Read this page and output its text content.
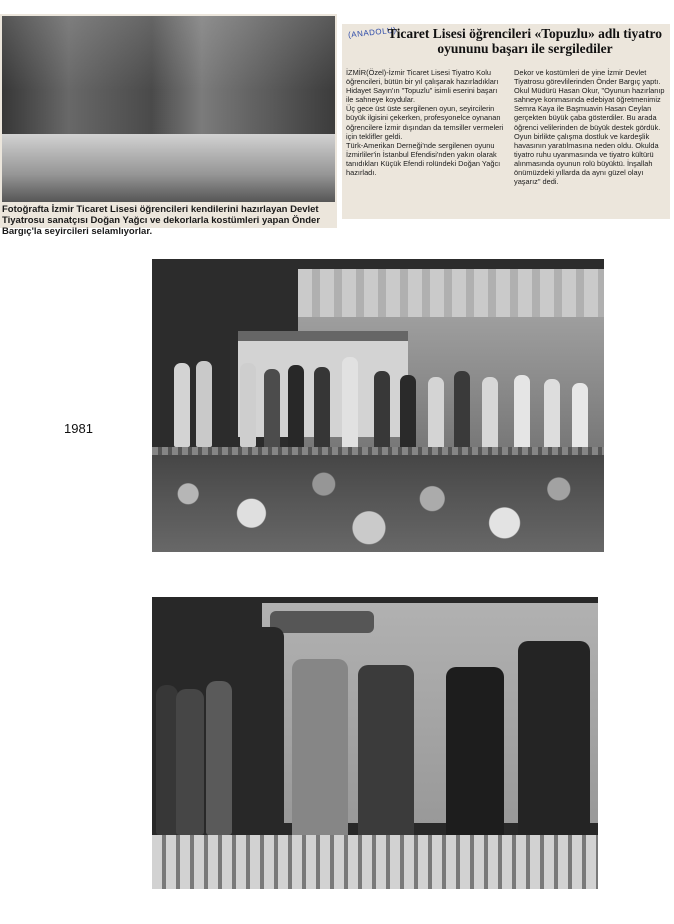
Fotoğrafta İzmir Ticaret Lisesi öğrencileri kendilerini hazırlayan Devlet Tiyatrosu sanatçısı Doğan Yağcı ve dekorlarla kostümleri yapan Önder Bargıç'la seyircileri selamlıyorlar.
(ANADOLU)
Ticaret Lisesi öğrencileri «Topuzlu» adlı tiyatro oyununu başarı ile sergilediler
İZMİR(Özel)-İzmir Ticaret Lisesi Tiyatro Kolu öğrencileri, bütün bir yıl çalışarak hazırladıkları Hidayet Sayın'ın "Topuzlu" isimli eserini başarı ile sahneye koydular.
Üç gece üst üste sergilenen oyun, seyircilerin büyük ilgisini çekerken, profesyonelce oynanan öğrencilere İzmir dışından da temsiller vermeleri için teklifler geldi.
Türk-Amerikan Derneği'nde sergilenen oyunu İzmirliler'in İstanbul Efendisi'nden yakın olarak tanıdıkları Küçük Efendi rolündeki Doğan Yağcı hazırladı.
Dekor ve kostümleri de yine İzmir Devlet Tiyatrosu görevlilerinden Önder Bargıç yaptı. Okul Müdürü Hasan Okur, "Oyunun hazırlanıp sahneye konmasında edebiyat öğretmenimiz Semra Kaya ile Başmuavin Hasan Ceylan gerçekten büyük çaba gösterdiler. Bu arada öğrenci velilerinden de büyük destek gördük. Oyun birlikte çalışma dostluk ve kardeşlik havasının yaratılmasına neden oldu. Okulda tiyatro ruhu uyanmasında ve tiyatro kültürü alınmasında oyunun rolü büyüktü. İnşallah önümüzdeki yıllarda da aynı güzel olayı yaşarız" dedi.
1981
